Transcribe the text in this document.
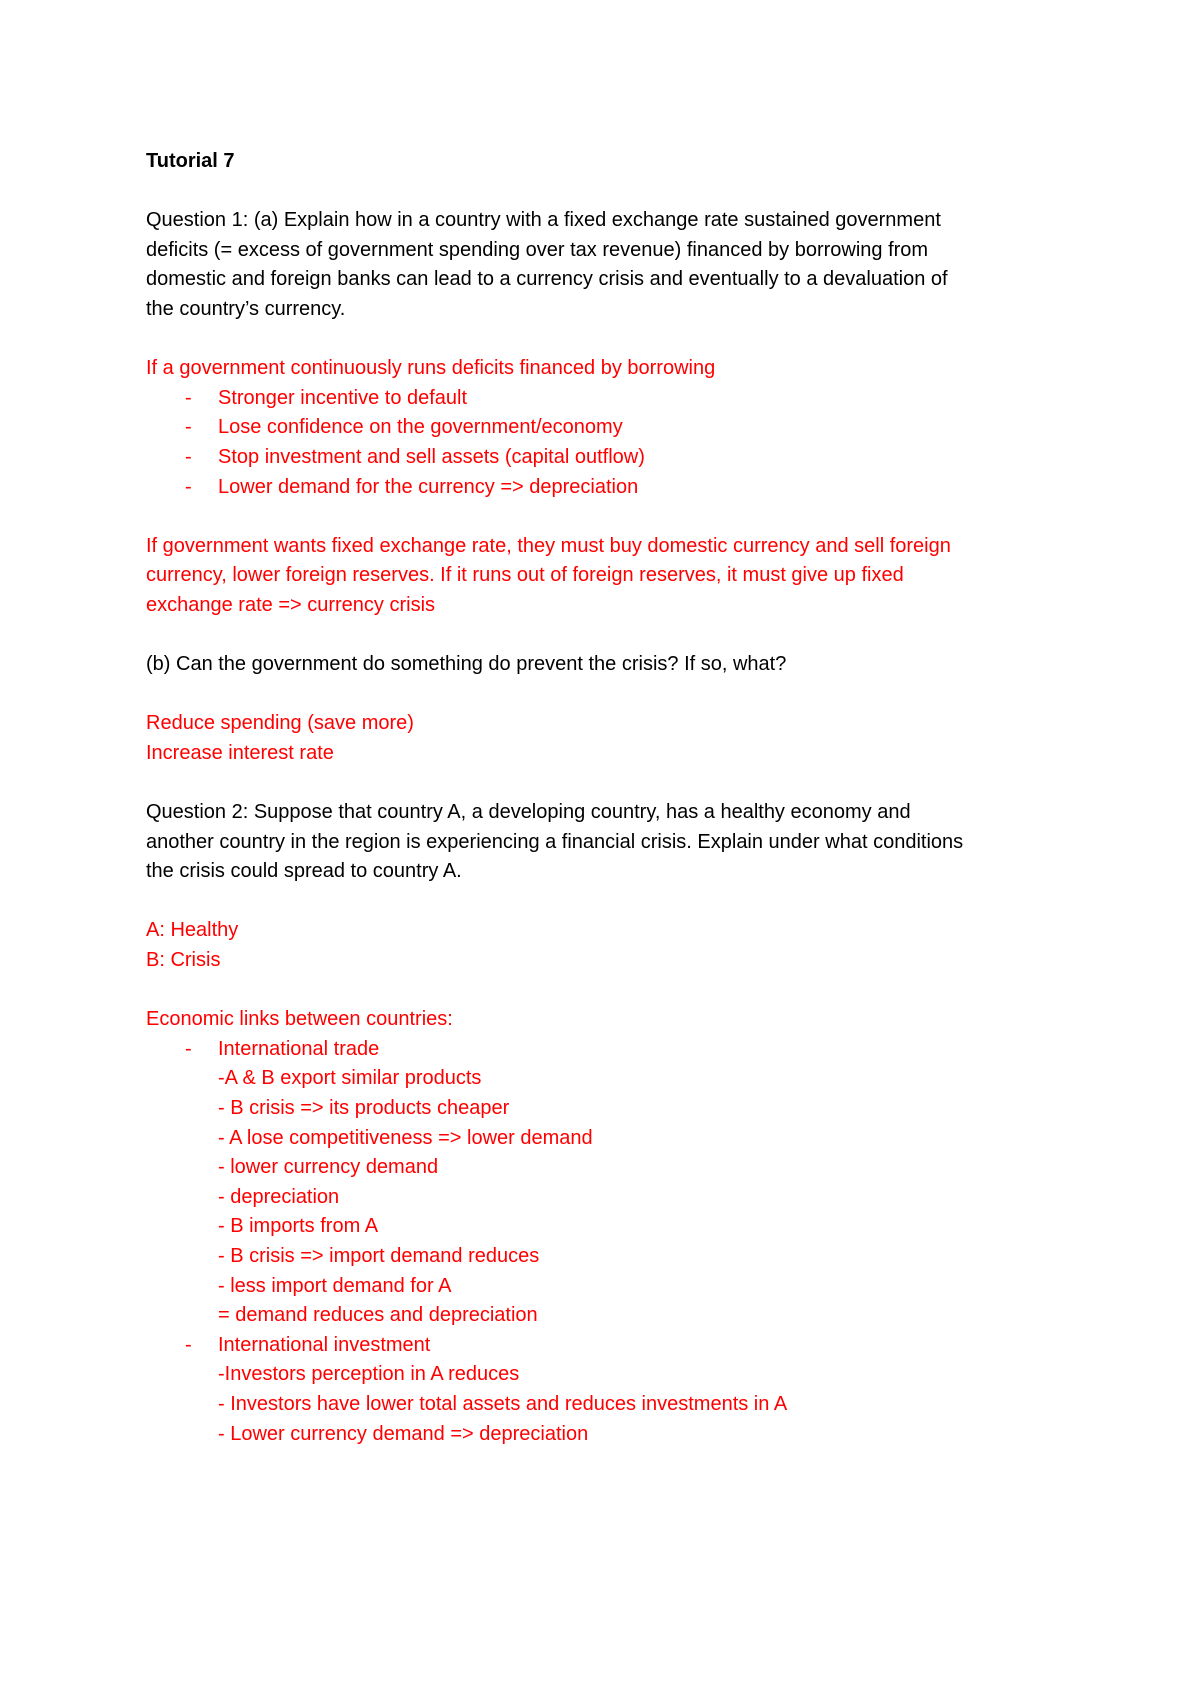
Tutorial 7
Question 1: (a) Explain how in a country with a fixed exchange rate sustained government
deficits (= excess of government spending over tax revenue) financed by borrowing from
domestic and foreign banks can lead to a currency crisis and eventually to a devaluation of
the country’s currency.
If a government continuously runs deficits financed by borrowing
-	Stronger incentive to default
-	Lose confidence on the government/economy
-	Stop investment and sell assets (capital outflow)
-	Lower demand for the currency => depreciation
If government wants fixed exchange rate, they must buy domestic currency and sell foreign
currency, lower foreign reserves. If it runs out of foreign reserves, it must give up fixed
exchange rate => currency crisis
(b) Can the government do something do prevent the crisis? If so, what?
Reduce spending (save more)
Increase interest rate
Question 2: Suppose that country A, a developing country, has a healthy economy and
another country in the region is experiencing a financial crisis. Explain under what conditions
the crisis could spread to country A.
A: Healthy
B: Crisis
Economic links between countries:
-	International trade
-A & B export similar products
- B crisis => its products cheaper
- A lose competitiveness => lower demand
- lower currency demand
- depreciation
- B imports from A
- B crisis => import demand reduces
- less import demand for A
= demand reduces and depreciation
-	International investment
-Investors perception in A reduces
- Investors have lower total assets and reduces investments in A
- Lower currency demand => depreciation
